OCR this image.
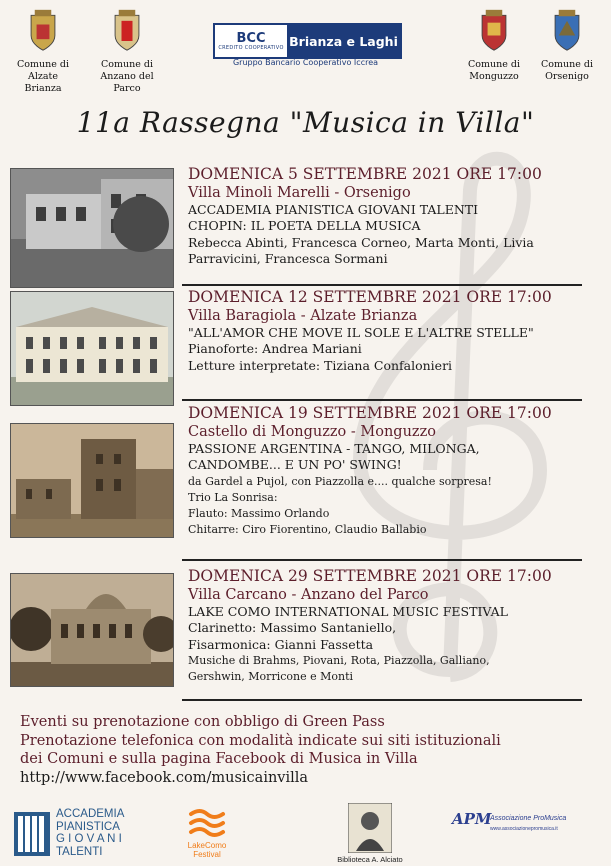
Comune di
Alzate Brianza
Comune di
Anzano del Parco
Comune di
Monguzzo
Comune di
Orsenigo
BCC
CREDITO COOPERATIVO Brianza e Laghi
Gruppo Bancario Cooperativo Iccrea
11a Rassegna "Musica in Villa"
DOMENICA 5 SETTEMBRE 2021 ORE 17:00
Villa Minoli Marelli - Orsenigo
ACCADEMIA PIANISTICA GIOVANI TALENTI
CHOPIN: IL POETA DELLA MUSICA
Rebecca Abinti, Francesca Corneo, Marta Monti, Livia
Parravicini, Francesca Sormani
DOMENICA 12 SETTEMBRE 2021 ORE 17:00
Villa Baragiola - Alzate Brianza
"ALL'AMOR CHE MOVE IL SOLE E L'ALTRE STELLE"
Pianoforte: Andrea Mariani
Letture interpretate: Tiziana Confalonieri
DOMENICA 19 SETTEMBRE 2021 ORE 17:00
Castello di Monguzzo - Monguzzo
PASSIONE ARGENTINA - TANGO, MILONGA,
CANDOMBE... E UN PO' SWING!
da Gardel a Pujol, con Piazzolla e.... qualche sorpresa!
Trio La Sonrisa:
Flauto: Massimo Orlando
Chitarre: Ciro Fiorentino, Claudio Ballabio
DOMENICA 29 SETTEMBRE 2021 ORE 17:00
Villa Carcano - Anzano del Parco
LAKE COMO INTERNATIONAL MUSIC FESTIVAL
Clarinetto: Massimo Santaniello,
Fisarmonica: Gianni Fassetta
Musiche di Brahms, Piovani, Rota, Piazzolla, Galliano,
Gershwin, Morricone e Monti
Eventi su prenotazione con obbligo di Green Pass
Prenotazione telefonica con modalità indicate sui siti istituzionali
dei Comuni e sulla pagina Facebook di Musica in Villa
http://www.facebook.com/musicainvilla
ACCADEMIA
PIANISTICA
G I O V A N I
TALENTI	LakeComo
Festival
Biblioteca A. Alciato
APM
Associazione ProMusica
www.associazionepromusica.it
